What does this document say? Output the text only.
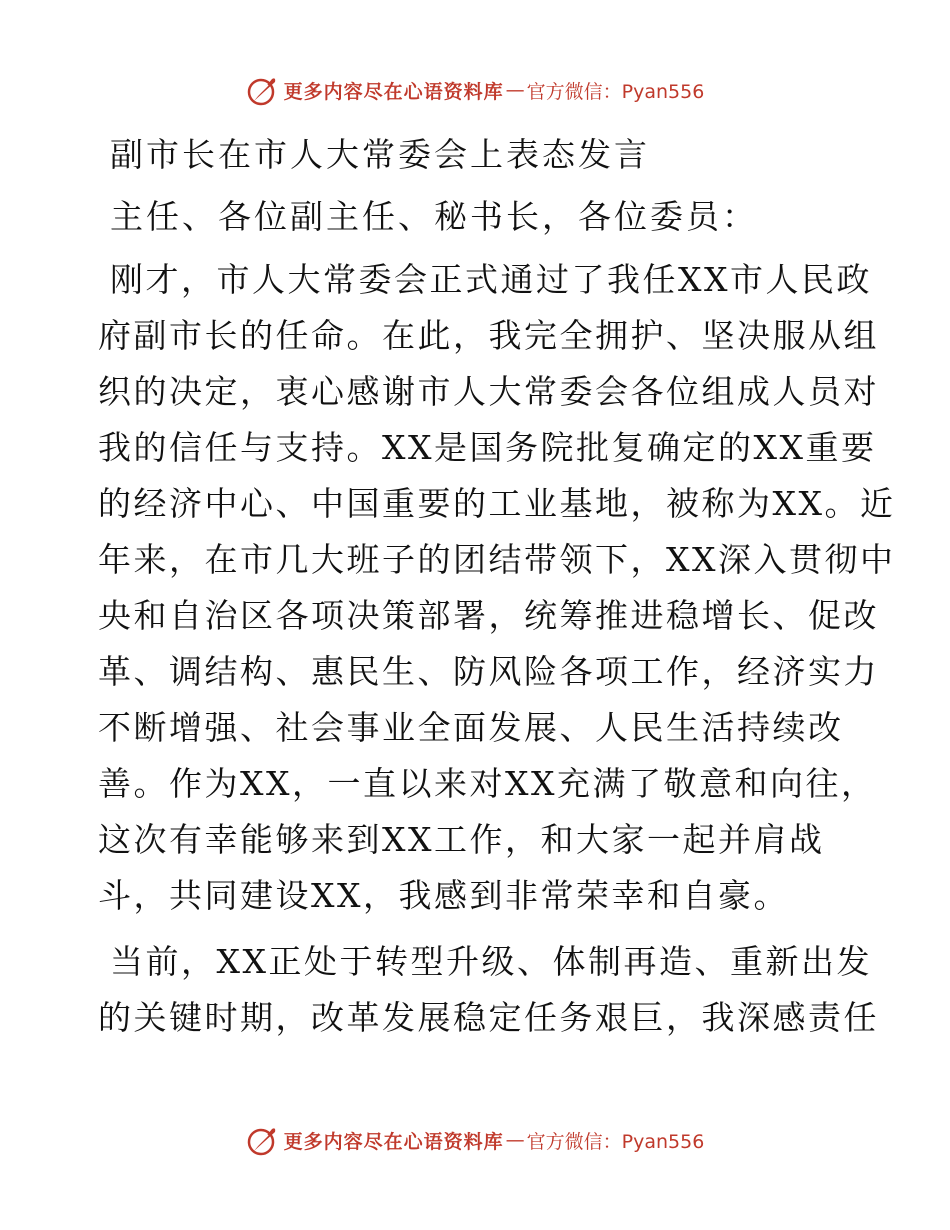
更多内容尽在心语资料库 — 官方微信：Pyan556
副市长在市人大常委会上表态发言
主任、各位副主任、秘书长，各位委员：
刚才，市人大常委会正式通过了我任XX市人民政
府副市长的任命。在此，我完全拥护、坚决服从组
织的决定，衷心感谢市人大常委会各位组成人员对
我的信任与支持。XX是国务院批复确定的XX重要
的经济中心、中国重要的工业基地，被称为XX。近
年来，在市几大班子的团结带领下，XX深入贯彻中
央和自治区各项决策部署，统筹推进稳增长、促改
革、调结构、惠民生、防风险各项工作，经济实力
不断增强、社会事业全面发展、人民生活持续改
善。作为XX，一直以来对XX充满了敬意和向往，
这次有幸能够来到XX工作，和大家一起并肩战
斗，共同建设XX，我感到非常荣幸和自豪。
当前，XX正处于转型升级、体制再造、重新出发
的关键时期，改革发展稳定任务艰巨，我深感责任
更多内容尽在心语资料库 — 官方微信：Pyan556
